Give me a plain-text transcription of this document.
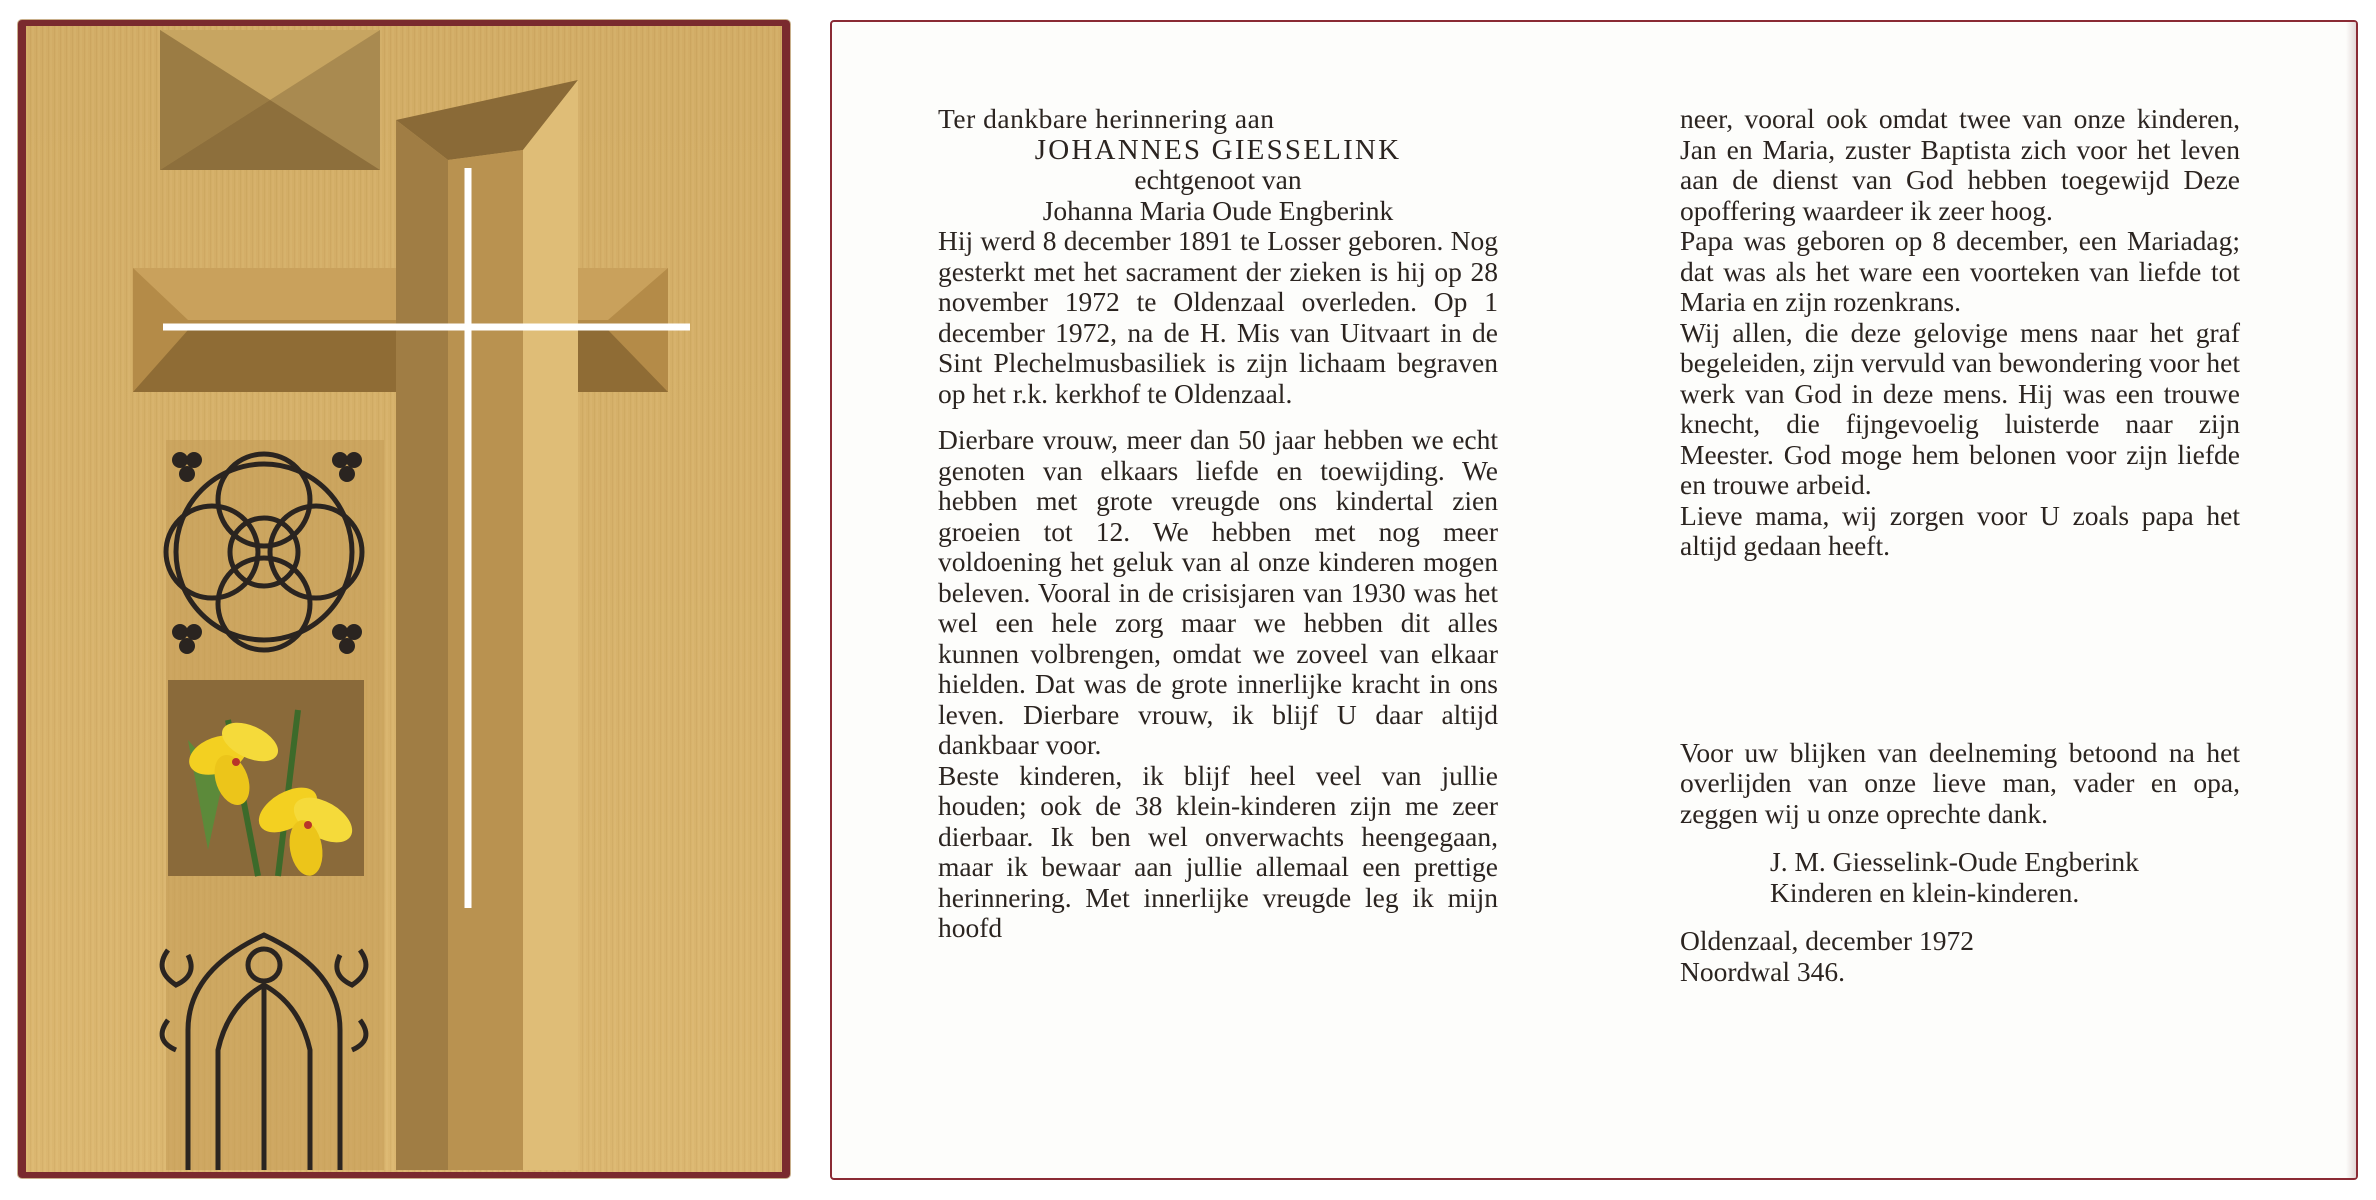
Ter dankbare herinnering aan

JOHANNES GIESSELINK

echtgenoot van

Johanna Maria Oude Engberink

Hij werd 8 december 1891 te Losser geboren. Nog gesterkt met het sacrament der zieken is hij op 28 november 1972 te Oldenzaal overleden. Op 1 december 1972, na de H. Mis van Uitvaart in de Sint Plechelmusbasiliek is zijn lichaam begraven op het r.k. kerkhof te Oldenzaal.

Dierbare vrouw, meer dan 50 jaar hebben we echt genoten van elkaars liefde en toewijding. We hebben met grote vreugde ons kindertal zien groeien tot 12. We hebben met nog meer voldoening het geluk van al onze kinderen mogen beleven. Vooral in de crisisjaren van 1930 was het wel een hele zorg maar we hebben dit alles kunnen volbrengen, omdat we zoveel van elkaar hielden. Dat was de grote innerlijke kracht in ons leven. Dierbare vrouw, ik blijf U daar altijd dankbaar voor.

Beste kinderen, ik blijf heel veel van jullie houden; ook de 38 klein-kinderen zijn me zeer dierbaar. Ik ben wel onverwachts heengegaan, maar ik bewaar aan jullie allemaal een prettige herinnering. Met innerlijke vreugde leg ik mijn hoofd

neer, vooral ook omdat twee van onze kinderen, Jan en Maria, zuster Baptista zich voor het leven aan de dienst van God hebben toegewijd Deze opoffering waardeer ik zeer hoog.

Papa was geboren op 8 december, een Mariadag; dat was als het ware een voorteken van liefde tot Maria en zijn rozenkrans.

Wij allen, die deze gelovige mens naar het graf begeleiden, zijn vervuld van bewondering voor het werk van God in deze mens. Hij was een trouwe knecht, die fijngevoelig luisterde naar zijn Meester. God moge hem belonen voor zijn liefde en trouwe arbeid.

Lieve mama, wij zorgen voor U zoals papa het altijd gedaan heeft.

Voor uw blijken van deelneming betoond na het overlijden van onze lieve man, vader en opa, zeggen wij u onze oprechte dank.

J. M. Giesselink-Oude Engberink
Kinderen en klein-kinderen.

Oldenzaal, december 1972
Noordwal 346.
